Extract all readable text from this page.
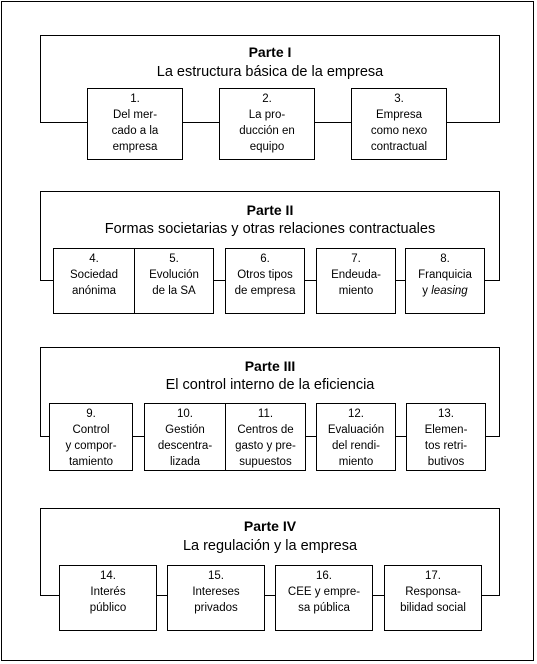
Parte I
La estructura básica de la empresa
1.
Del mer-
cado a la
empresa
2.
La pro-
ducción en
equipo
3.
Empresa
como nexo
contractual
Parte II
Formas societarias y otras relaciones contractuales
4.
Sociedad
anónima
5.
Evolución
de la SA
6.
Otros tipos
de empresa
7.
Endeuda-
miento
8.
Franquicia
y leasing
Parte III
El control interno de la eficiencia
9.
Control
y compor-
tamiento
10.
Gestión
descentra-
lizada
11.
Centros de
gasto y pre-
supuestos
12.
Evaluación
del rendi-
miento
13.
Elemen-
tos retri-
butivos
Parte IV
La regulación y la empresa
14.
Interés
público
15.
Intereses
privados
16.
CEE y empre-
sa pública
17.
Responsa-
bilidad social
